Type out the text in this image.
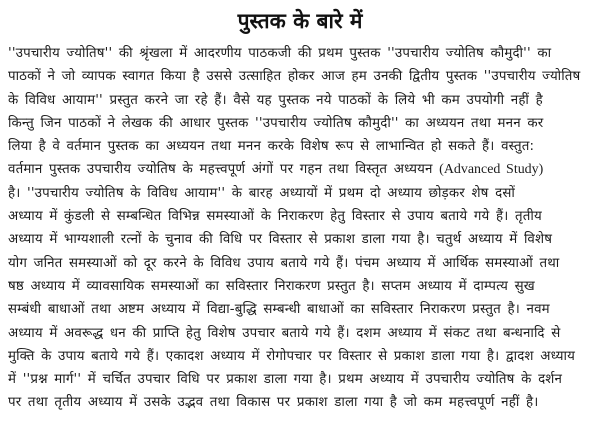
पुस्तक के बारे में
''उपचारीय ज्योतिष'' की श्रृंखला में आदरणीय पाठकजी की प्रथम पुस्तक ''उपचारीय ज्योतिष कौमुदी'' का
पाठकों ने जो व्यापक स्वागत किया है उससे उत्साहित होकर आज हम उनकी द्वितीय पुस्तक ''उपचारीय ज्योतिष
के विविध आयाम'' प्रस्तुत करने जा रहे हैं। वैसे यह पुस्तक नये पाठकों के लिये भी कम उपयोगी नहीं है
किन्तु जिन पाठकों ने लेखक की आधार पुस्तक ''उपचारीय ज्योतिष कौमुदी'' का अध्ययन तथा मनन कर
लिया है वे वर्तमान पुस्तक का अध्ययन तथा मनन करके विशेष रूप से लाभान्वित हो सकते हैं। वस्तुत:
वर्तमान पुस्तक उपचारीय ज्योतिष के महत्त्वपूर्ण अंगों पर गहन तथा विस्तृत अध्ययन (Advanced Study)
है। ''उपचारीय ज्योतिष के विविध आयाम'' के बारह अध्यायों में प्रथम दो अध्याय छोड़कर शेष दसों
अध्याय में कुंडली से सम्बन्धित विभिन्न समस्याओं के निराकरण हेतु विस्तार से उपाय बताये गये हैं। तृतीय
अध्याय में भाग्यशाली रत्नों के चुनाव की विधि पर विस्तार से प्रकाश डाला गया है। चतुर्थ अध्याय में विशेष
योग जनित समस्याओं को दूर करने के विविध उपाय बताये गये हैं। पंचम अध्याय में आर्थिक समस्याओं तथा
षष्ठ अध्याय में व्यावसायिक समस्याओं का सविस्तार निराकरण प्रस्तुत है। सप्तम अध्याय में दाम्पत्य सुख
सम्बंधी बाधाओं तथा अष्टम अध्याय में विद्या-बुद्धि सम्बन्धी बाधाओं का सविस्तार निराकरण प्रस्तुत है। नवम
अध्याय में अवरूद्ध धन की प्राप्ति हेतु विशेष उपचार बताये गये हैं। दशम अध्याय में संकट तथा बन्धनादि से
मुक्ति के उपाय बताये गये हैं। एकादश अध्याय में रोगोपचार पर विस्तार से प्रकाश डाला गया है। द्वादश अध्याय
में ''प्रश्न मार्ग'' में चर्चित उपचार विधि पर प्रकाश डाला गया है। प्रथम अध्याय में उपचारीय ज्योतिष के दर्शन
पर तथा तृतीय अध्याय में उसके उद्भव तथा विकास पर प्रकाश डाला गया है जो कम महत्त्वपूर्ण नहीं है।
